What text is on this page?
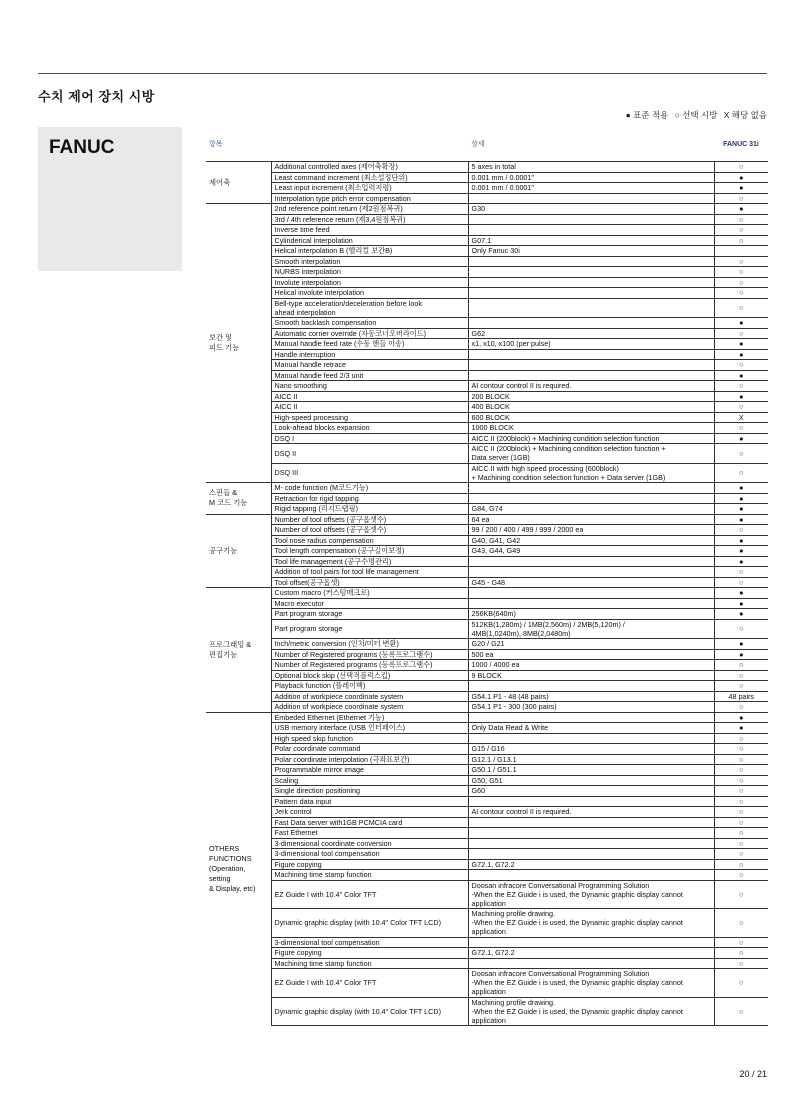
수치 제어 장치 시방
● 표준 적용 ○ 선택 시방 X 해당 없음
FANUC	항목		상세	FANUC 31i
제어축	Additional controlled axes (제어축확장)	5 axes in total	○
	Least command increment (최소설정단위)	0.001 mm / 0.0001"	●
	Least input increment (최소입력지령)	0.001 mm / 0.0001"	●
	Interpolation type pitch error compensation		○
보간 및
피드 기능	2nd reference point return (제2원점복귀)	G30	●
	3rd / 4th reference return (제3,4원점복귀)		○
	Inverse time feed		○
	Cylinderical interpolation	G07.1	○
	Helical interpolation B (헬리컬 보간B)	Only Fanuc 30i	
	Smooth interpolation		○
	NURBS interpolation		○
	Involute interpolation		○
	Helical involute interpolation		○
	Bell-type acceleration/deceleration before look
ahead interpolation		○
	Smooth backlash compensation		●
	Automatic corner override (자동코너오버라이드)	G62	○
	Manual handle feed rate (수동 핸들 이송)	x1, x10, x100 (per pulse)	●
	Handle interruption		●
	Manual handle retrace		○
	Manual handle feed 2/3 unit		●
	Nano smoothing	AI contour control II is required.	○
	AICC II	200 BLOCK	●
	AICC II	400 BLOCK	○
	High-speed processing	600 BLOCK	X
	Look-ahead blocks expansion	1000 BLOCK	○
	DSQ I	AICC II (200block) + Machining condition selection function	●
	DSQ II	AICC II (200block) + Machining condition selection function +
Data server (1GB)	○
	DSQ III	AICC II with high speed processing (600block)
+ Machining condition selection function + Data server (1GB)	○
스핀들 &
M 코드 기능	M- code function (M코드기능)		●
	Retraction for rigid tapping		●
	Rigid tapping (리지드탭핑)	G84, G74	●
공구기능	Number of tool offsets (공구옵셋수)	64 ea	●
	Number of tool offsets (공구옵셋수)	99 / 200 / 400 / 499 / 999 / 2000 ea	○
	Tool nose radius compensation	G40, G41, G42	●
	Tool length compensation (공구길이보정)	G43, G44, G49	●
	Tool life management (공구수명관리)		●
	Addition of tool pairs for tool life management		○
	Tool offset(공구옵셋)	G45 - G48	○
프로그래밍 &
편집기능	Custom macro (커스텀매크로)		●
	Macro executor		●
	Part program storage	256KB(640m)	●
	Part program storage	512KB(1,280m) / 1MB(2,560m) / 2MB(5,120m) /
4MB(1,0240m), 8MB(2,0480m)	○
	Inch/metric conversion (인치/미터 변환)	G20 / G21	●
	Number of Registered programs (등록프로그램수)	500 ea	●
	Number of Registered programs (등록프로그램수)	1000 / 4000 ea	○
	Optional block skip (선택적블럭스킵)	9 BLOCK	○
	Playback function (플레이백)		○
	Addition of workpiece coordinate system	G54.1 P1 - 48 (48 pairs)	48 pairs
	Addition of workpiece coordinate system	G54.1 P1 - 300 (300 pairs)	○
OTHERS
FUNCTIONS
(Operation,
setting
& Display, etc)	Embeded Ethernet (Ethernet 기능)		●
	USB memory interface (USB 인터페이스)	Only Data Read & Write	●
	High speed skip function		○
	Polar coordinate command	G15 / G16	○
	Polar coordinate interpolation (극좌표보간)	G12.1 / G13.1	○
	Programmable mirror image	G50.1 / G51.1	○
	Scaling	G50, G51	○
	Single direction positioning	G60	○
	Pattern data input		○
	Jerk control	AI contour control II is required.	○
	Fast Data server with1GB PCMCIA card		○
	Fast Ethernet		○
	3-dimensional coordinate conversion		○
	3-dimensional tool compensation		○
	Figure copying	G72.1, G72.2	○
	Machining time stamp function		○
	EZ Guide I with 10.4" Color TFT	Doosan infracore Conversational Programming Solution
-When the EZ Guide i is used, the Dynamic graphic display cannot
application	○
	Dynamic graphic display (with 10.4" Color TFT LCD)	Machining profile drawing.
-When the EZ Guide i is used, the Dynamic graphic display cannot
application	○
	3-dimensional tool compensation		○
	Figure copying	G72.1, G72.2	○
	Machining time stamp function		○
	EZ Guide I with 10.4" Color TFT	Doosan infracore Conversational Programming Solution
-When the EZ Guide i is used, the Dynamic graphic display cannot
application	○
	Dynamic graphic display (with 10.4" Color TFT LCD)	Machining profile drawing.
-When the EZ Guide i is used, the Dynamic graphic display cannot
application	○
20 / 21
